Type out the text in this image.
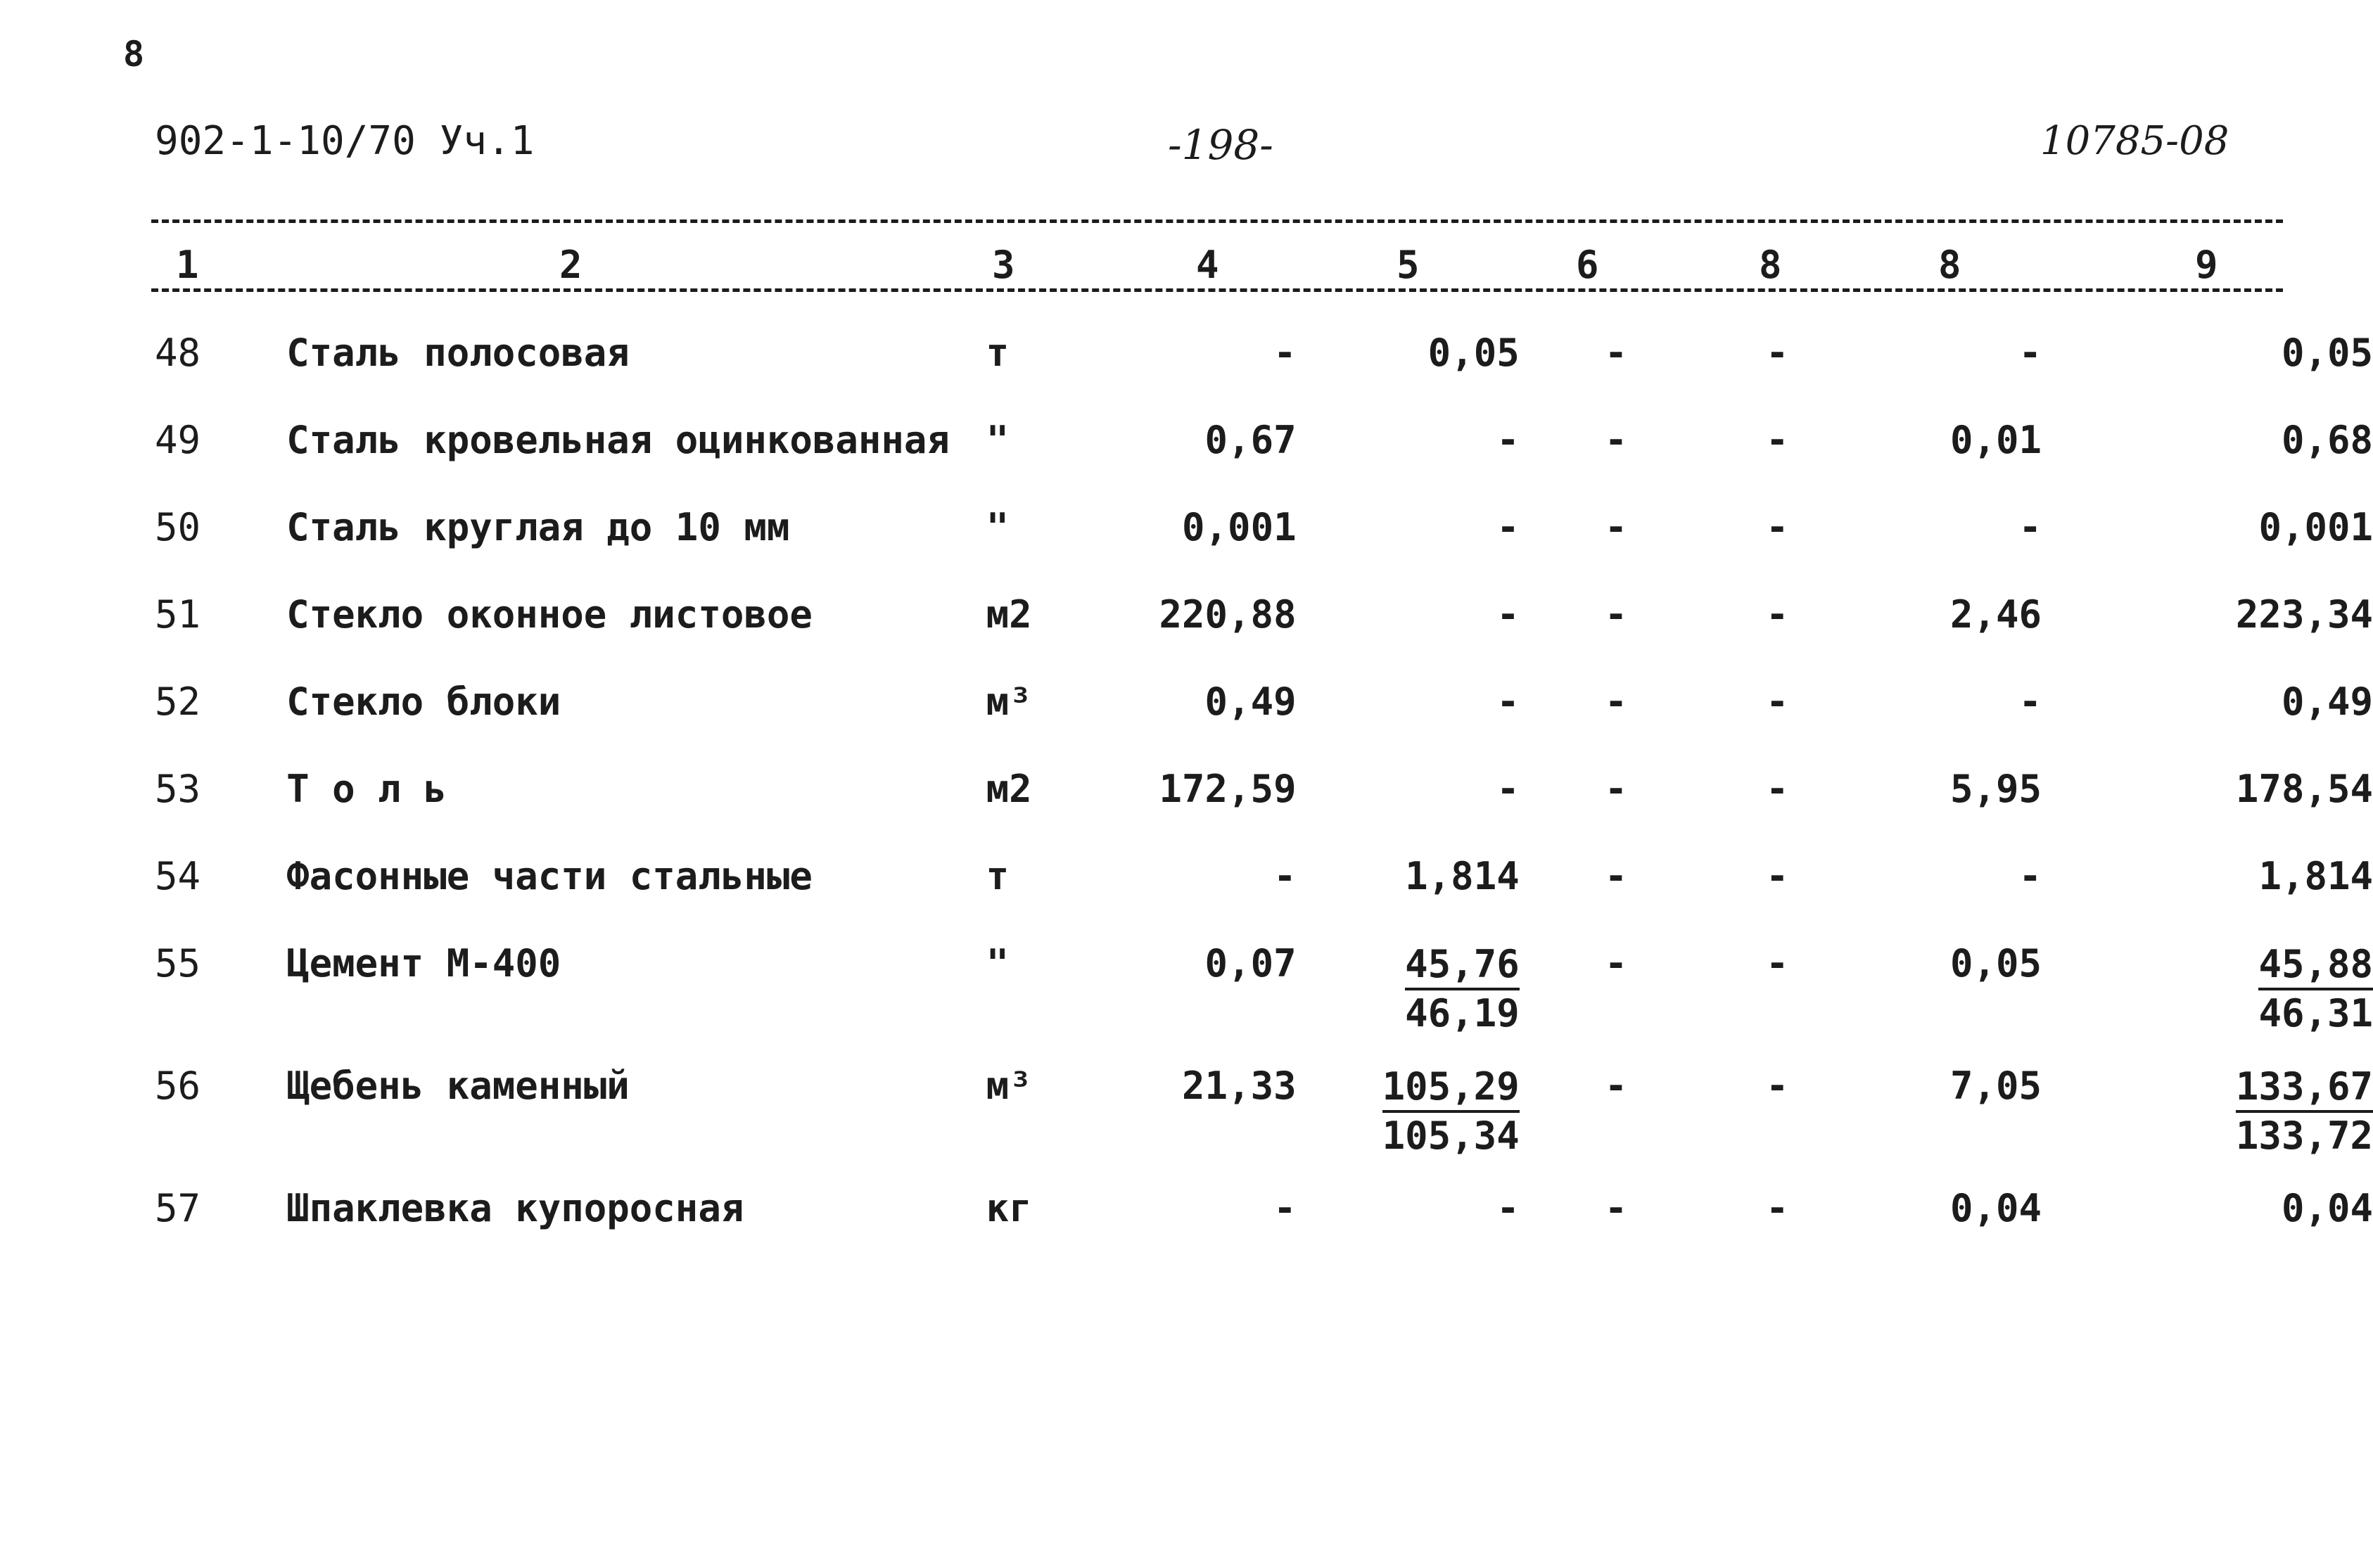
8
902-1-10/70 Уч.1	-198-	10785-08
1	2	3	4	5	6	8	8	9
48	Сталь полосовая	т	-	0,05	-	-	-	0,05
49	Сталь кровельная оцинкованная	"	0,67	-	-	-	0,01	0,68
50	Сталь круглая до 10 мм	"	0,001	-	-	-	-	0,001
51	Стекло оконное листовое	м2	220,88	-	-	-	2,46	223,34
52	Стекло блоки	м³	0,49	-	-	-	-	0,49
53	Т о л ь	м2	172,59	-	-	-	5,95	178,54
54	Фасонные части стальные	т	-	1,814	-	-	-	1,814
55	Цемент М-400	"	0,07	$\frac{45,76}{46,19}$	-	-	0,05	$\frac{45,88}{46,31}$

56	Щебень каменный	м³	21,33	$\frac{105,29}{105,34}$	-	-	7,05	$\frac{133,67}{133,72}$

57	Шпаклевка купоросная	кг	-	-	-	-	0,04	0,04
